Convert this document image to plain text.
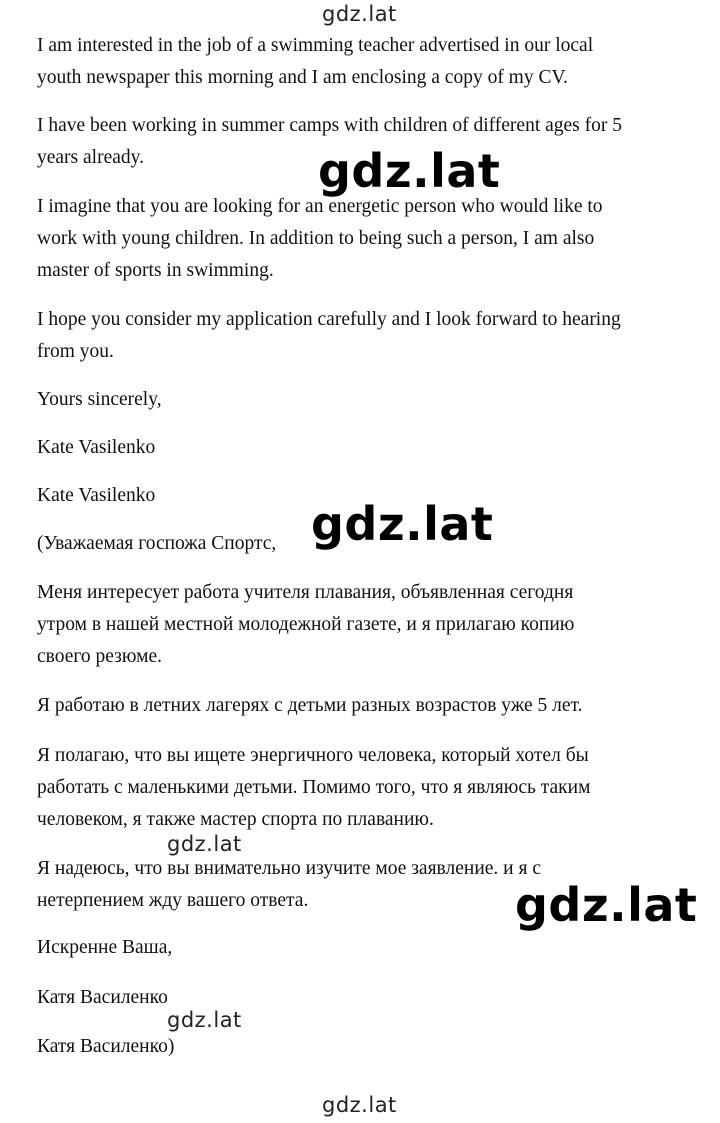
I am interested in the job of a swimming teacher advertised in our local
youth newspaper this morning and I am enclosing a copy of my CV.

I have been working in summer camps with children of different ages for 5
years already.

I imagine that you are looking for an energetic person who would like to
work with young children. In addition to being such a person, I am also
master of sports in swimming.

I hope you consider my application carefully and I look forward to hearing
from you.

Yours sincerely,

Kate Vasilenko

Kate Vasilenko

(Уважаемая госпожа Спортс,

Меня интересует работа учителя плавания, объявленная сегодня
утром в нашей местной молодежной газете, и я прилагаю копию
своего резюме.

Я работаю в летних лагерях с детьми разных возрастов уже 5 лет.

Я полагаю, что вы ищете энергичного человека, который хотел бы
работать с маленькими детьми. Помимо того, что я являюсь таким
человеком, я также мастер спорта по плаванию.

Я надеюсь, что вы внимательно изучите мое заявление. и я с
нетерпением жду вашего ответа.

Искренне Ваша,

Катя Василенко

Катя Василенко)

gdz.lat
gdz.lat
gdz.lat
gdz.lat
gdz.lat
gdz.lat
gdz.lat
